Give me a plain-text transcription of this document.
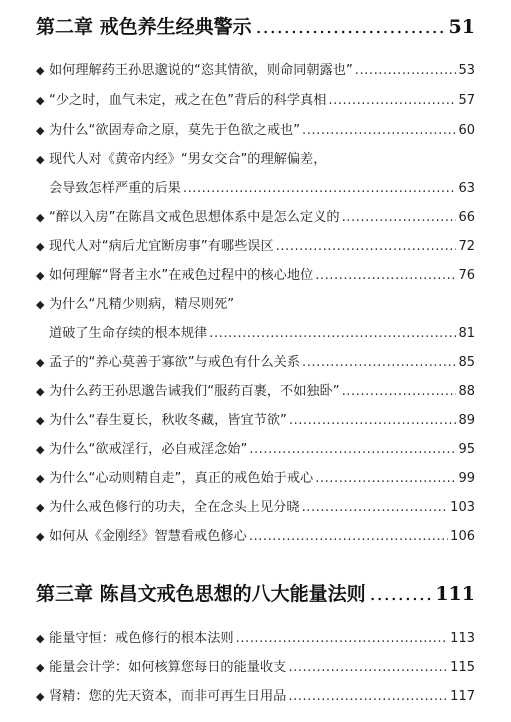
第二章 戒色养生经典警示 .....	51
◆ 如何理解药王孙思邈说的“恣其情欲，则命同朝露也” .....	53
◆ “少之时，血气未定，戒之在色”背后的科学真相 .....	57
◆ 为什么“欲固寿命之原，莫先于色欲之戒也” .....	60
◆ 现代人对《黄帝内经》“男女交合”的理解偏差，
会导致怎样严重的后果 .....	63
◆ “醉以入房”在陈昌文戒色思想体系中是怎么定义的 .....	66
◆ 现代人对“病后尤宜断房事”有哪些误区 .....	72
◆ 如何理解“肾者主水”在戒色过程中的核心地位 .....	76
◆ 为什么“凡精少则病，精尽则死”
道破了生命存续的根本规律 .....	81
◆ 孟子的“养心莫善于寡欲”与戒色有什么关系 .....	85
◆ 为什么药王孙思邈告诫我们“服药百裹，不如独卧” .....	88
◆ 为什么“春生夏长，秋收冬藏，皆宜节欲” .....	89
◆ 为什么“欲戒淫行，必自戒淫念始” .....	95
◆ 为什么“心动则精自走”，真正的戒色始于戒心 .....	99
◆ 为什么戒色修行的功夫，全在念头上见分晓 .....	103
◆ 如何从《金刚经》智慧看戒色修心 .....	106
第三章 陈昌文戒色思想的八大能量法则 .....	111
◆ 能量守恒：戒色修行的根本法则 .....	113
◆ 能量会计学：如何核算您每日的能量收支 .....	115
◆ 肾精：您的先天资本，而非可再生日用品 .....	117
